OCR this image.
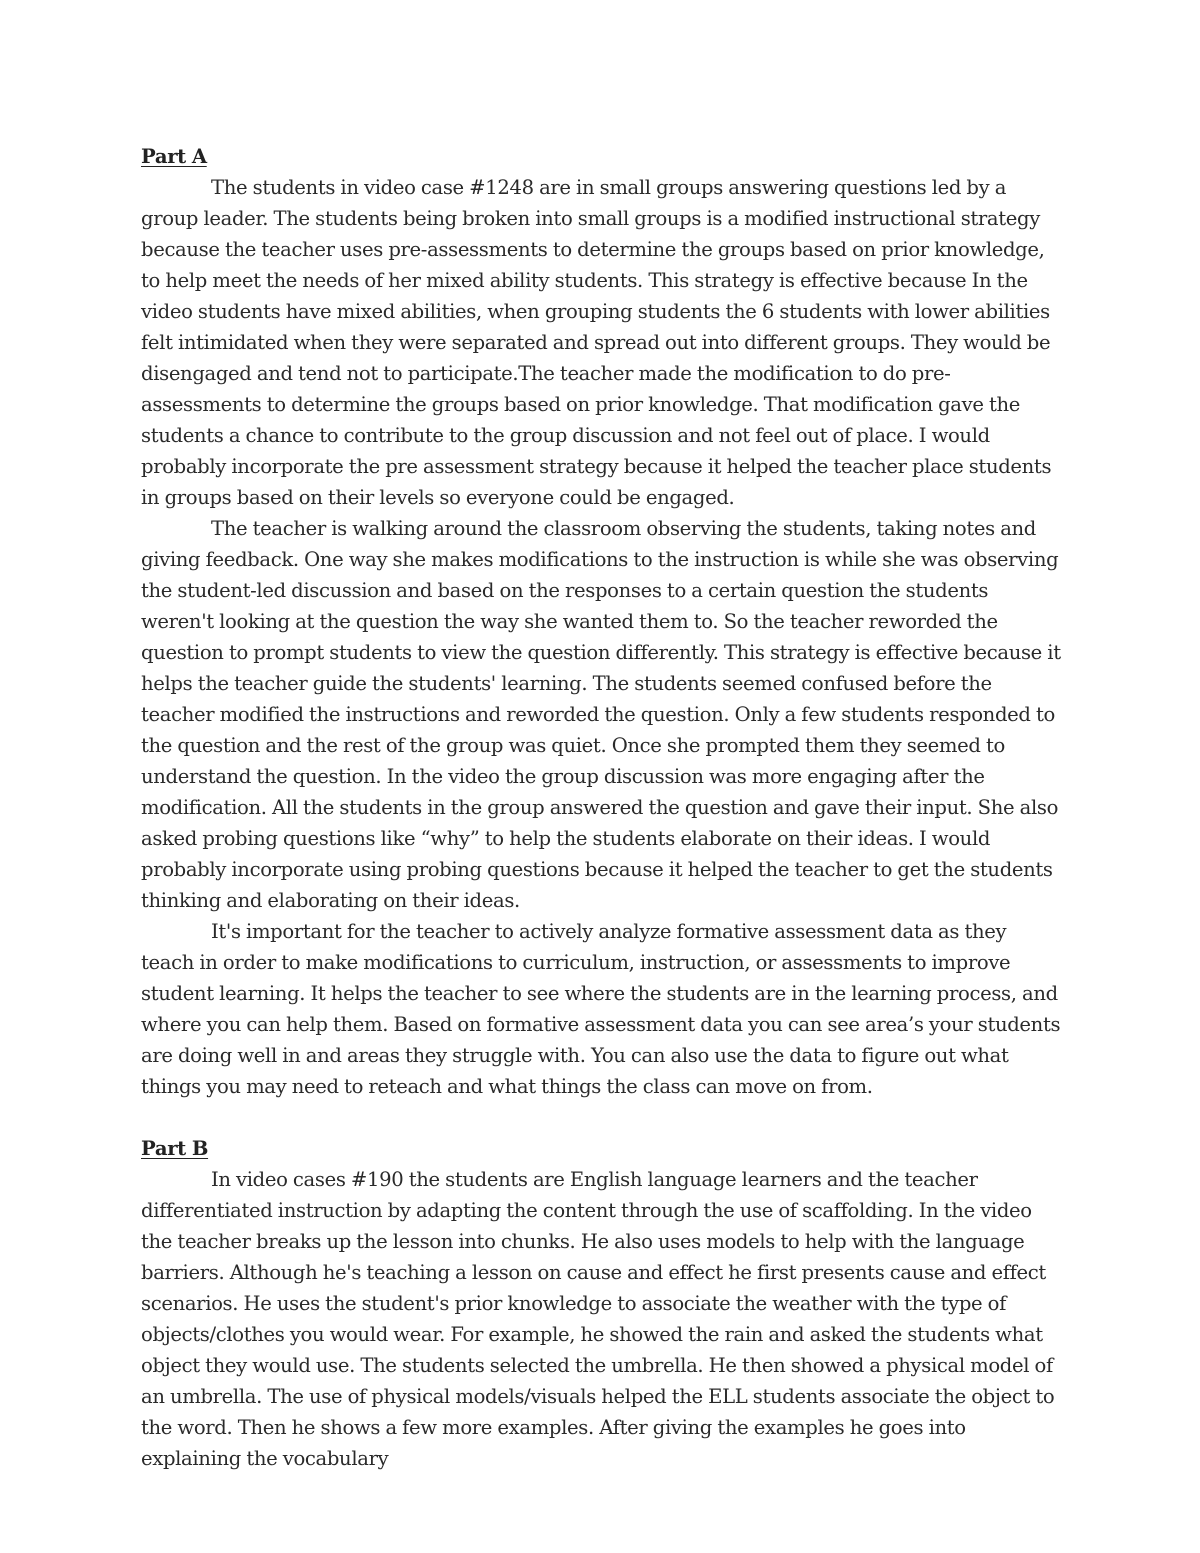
Part A

The students in video case #1248 are in small groups answering questions led by a group leader. The students being broken into small groups is a modified instructional strategy because the teacher uses pre-assessments to determine the groups based on prior knowledge, to help meet the needs of her mixed ability students. This strategy is effective because In the video students have mixed abilities, when grouping students the 6 students with lower abilities felt intimidated when they were separated and spread out into different groups. They would be disengaged and tend not to participate.The teacher made the modification to do pre-assessments to determine the groups based on prior knowledge. That modification gave the students a chance to contribute to the group discussion and not feel out of place. I would probably incorporate the pre assessment strategy because it helped the teacher place students in groups based on their levels so everyone could be engaged.

The teacher is walking around the classroom observing the students, taking notes and giving feedback. One way she makes modifications to the instruction is while she was observing the student-led discussion and based on the responses to a certain question the students weren't looking at the question the way she wanted them to. So the teacher reworded the question to prompt students to view the question differently. This strategy is effective because it helps the teacher guide the students' learning. The students seemed confused before the teacher modified the instructions and reworded the question. Only a few students responded to the question and the rest of the group was quiet. Once she prompted them they seemed to understand the question. In the video the group discussion was more engaging after the modification. All the students in the group answered the question and gave their input. She also asked probing questions like “why” to help the students elaborate on their ideas. I would probably incorporate using probing questions because it helped the teacher to get the students thinking and elaborating on their ideas.

It's important for the teacher to actively analyze formative assessment data as they teach in order to make modifications to curriculum, instruction, or assessments to improve student learning. It helps the teacher to see where the students are in the learning process, and where you can help them. Based on formative assessment data you can see area’s your students are doing well in and areas they struggle with. You can also use the data to figure out what things you may need to reteach and what things the class can move on from.

Part B

In video cases #190 the students are English language learners and the teacher differentiated instruction by adapting the content through the use of scaffolding. In the video the teacher breaks up the lesson into chunks. He also uses models to help with the language barriers. Although he's teaching a lesson on cause and effect he first presents cause and effect scenarios. He uses the student's prior knowledge to associate the weather with the type of objects/clothes you would wear. For example, he showed the rain and asked the students what object they would use. The students selected the umbrella. He then showed a physical model of an umbrella. The use of physical models/visuals helped the ELL students associate the object to the word. Then he shows a few more examples. After giving the examples he goes into explaining the vocabulary
